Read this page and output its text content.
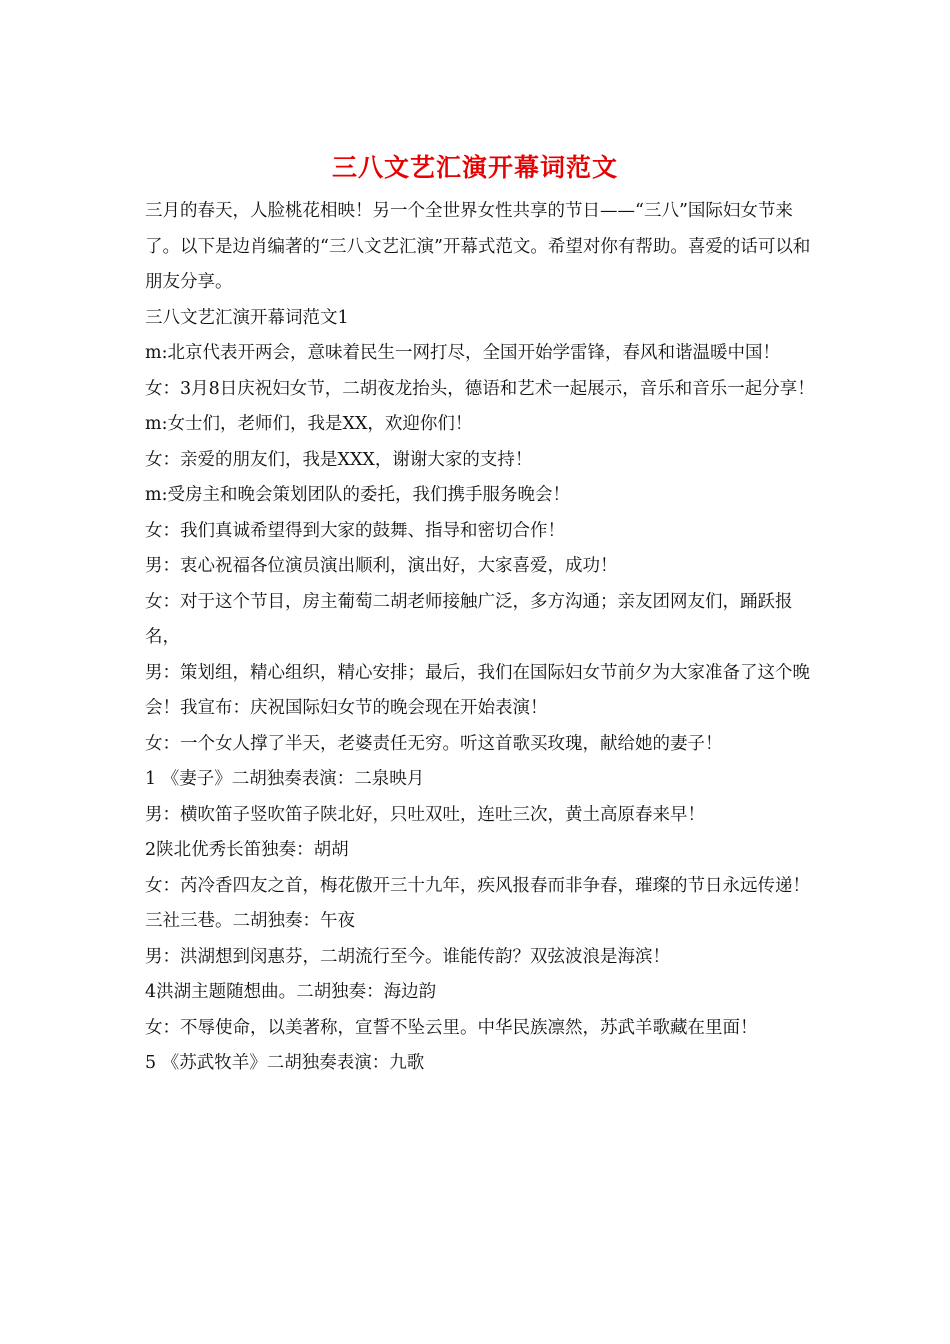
三八文艺汇演开幕词范文

三月的春天，人脸桃花相映！另一个全世界女性共享的节日——“三八”国际妇女节来了。以下是边肖编著的“三八文艺汇演”开幕式范文。希望对你有帮助。喜爱的话可以和朋友分享。

三八文艺汇演开幕词范文1

m:北京代表开两会，意味着民生一网打尽，全国开始学雷锋，春风和谐温暖中国！

女：3月8日庆祝妇女节，二胡夜龙抬头，德语和艺术一起展示，音乐和音乐一起分享！

m:女士们，老师们，我是XX，欢迎你们！

女：亲爱的朋友们，我是XXX，谢谢大家的支持！

m:受房主和晚会策划团队的委托，我们携手服务晚会！

女：我们真诚希望得到大家的鼓舞、指导和密切合作！

男：衷心祝福各位演员演出顺利，演出好，大家喜爱，成功！

女：对于这个节目，房主葡萄二胡老师接触广泛，多方沟通；亲友团网友们，踊跃报名，

男：策划组，精心组织，精心安排；最后，我们在国际妇女节前夕为大家准备了这个晚会！我宣布：庆祝国际妇女节的晚会现在开始表演！

女：一个女人撑了半天，老婆责任无穷。听这首歌买玫瑰，献给她的妻子！

1 《妻子》二胡独奏表演：二泉映月

男：横吹笛子竖吹笛子陕北好，只吐双吐，连吐三次，黄土高原春来早！

2陕北优秀长笛独奏：胡胡

女：芮冷香四友之首，梅花傲开三十九年，疾风报春而非争春，璀璨的节日永远传递！

三社三巷。二胡独奏：午夜

男：洪湖想到闵惠芬，二胡流行至今。谁能传韵？双弦波浪是海滨！

4洪湖主题随想曲。二胡独奏：海边韵

女：不辱使命，以美著称，宣誓不坠云里。中华民族凛然，苏武羊歌藏在里面！

5 《苏武牧羊》二胡独奏表演：九歌
